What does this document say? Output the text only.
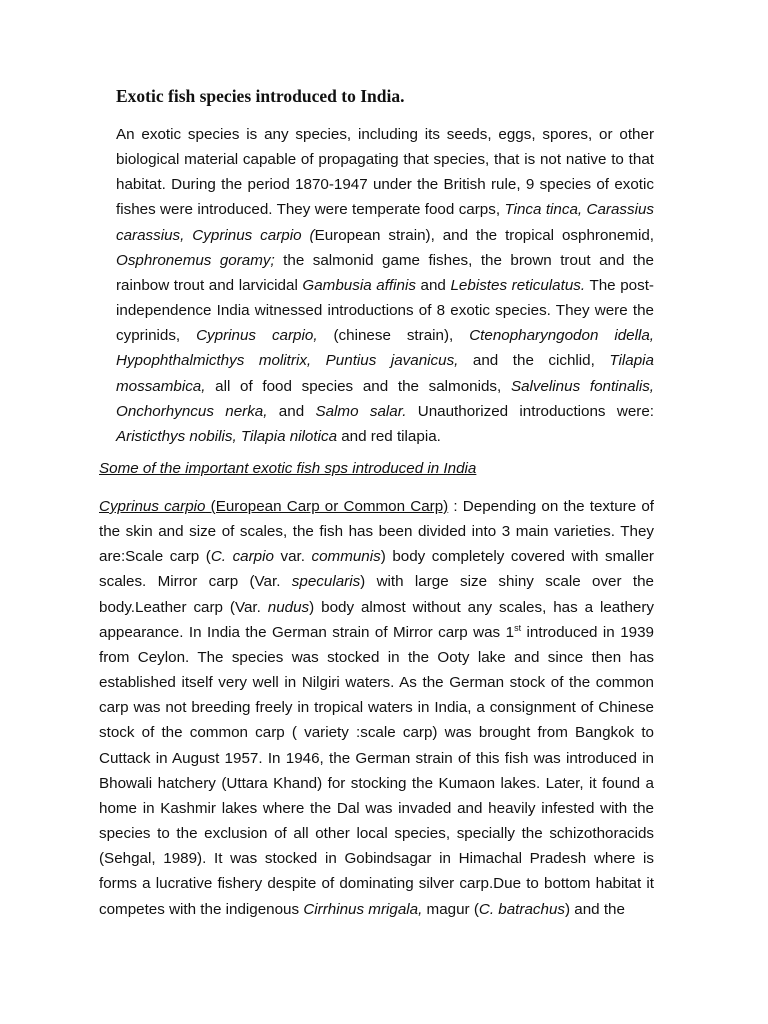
Exotic fish species introduced to India.

An exotic species is any species, including its seeds, eggs, spores, or other biological material capable of propagating that species, that is not native to that habitat. During the period 1870-1947 under the British rule, 9 species of exotic fishes were introduced. They were temperate food carps, Tinca tinca, Carassius carassius, Cyprinus carpio (European strain), and the tropical osphronemid, Osphronemus goramy; the salmonid game fishes, the brown trout and the rainbow trout and larvicidal Gambusia affinis and Lebistes reticulatus. The post- independence India witnessed introductions of 8 exotic species. They were the cyprinids, Cyprinus carpio, (chinese strain), Ctenopharyngodon idella, Hypophthalmicthys molitrix, Puntius javanicus, and the cichlid, Tilapia mossambica, all of food species and the salmonids, Salvelinus fontinalis, Onchorhyncus nerka, and Salmo salar. Unauthorized introductions were: Aristicthys nobilis, Tilapia nilotica and red tilapia.

Some of the important exotic fish sps introduced in India

Cyprinus carpio (European Carp or Common Carp) : Depending on the texture of the skin and size of scales, the fish has been divided into 3 main varieties. They are:Scale carp (C. carpio var. communis) body completely covered with smaller scales. Mirror carp (Var. specularis) with large size shiny scale over the body.Leather carp (Var. nudus) body almost without any scales, has a leathery appearance. In India the German strain of Mirror carp was 1st introduced in 1939 from Ceylon. The species was stocked in the Ooty lake and since then has established itself very well in Nilgiri waters. As the German stock of the common carp was not breeding freely in tropical waters in India, a consignment of Chinese stock of the common carp ( variety :scale carp) was brought from Bangkok to Cuttack in August 1957. In 1946, the German strain of this fish was introduced in Bhowali hatchery (Uttara Khand) for stocking the Kumaon lakes. Later, it found a home in Kashmir lakes where the Dal was invaded and heavily infested with the species to the exclusion of all other local species, specially the schizothoracids (Sehgal, 1989). It was stocked in Gobindsagar in Himachal Pradesh where is forms a lucrative fishery despite of dominating silver carp.Due to bottom habitat it competes with the indigenous Cirrhinus mrigala, magur (C. batrachus) and the
